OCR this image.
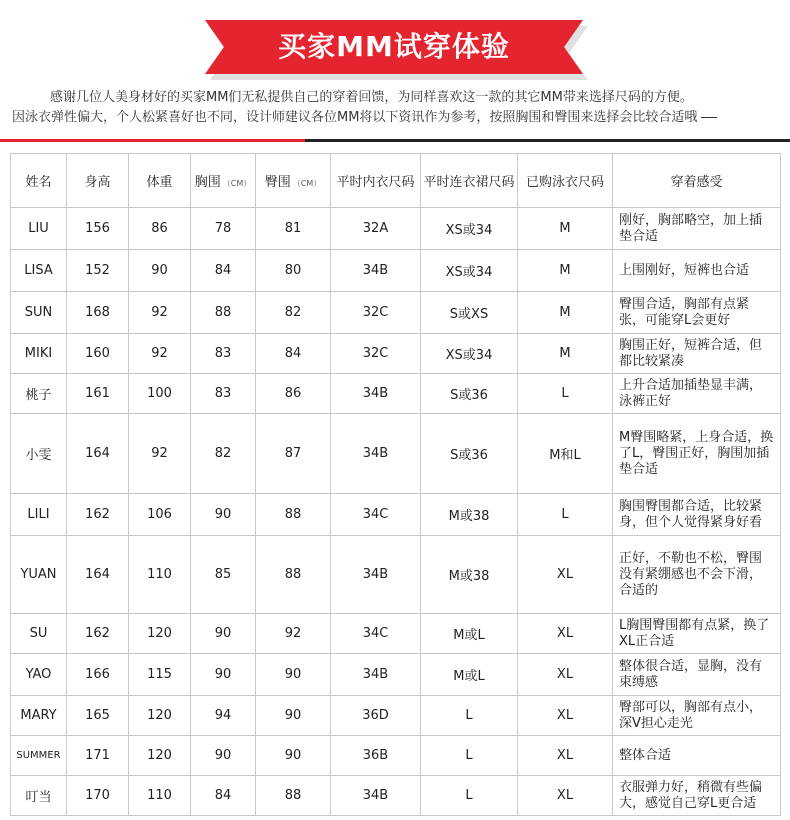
买家MM试穿体验

感谢几位人美身材好的买家MM们无私提供自己的穿着回馈，为同样喜欢这一款的其它MM带来选择尺码的方便。

因泳衣弹性偏大，个人松紧喜好也不同，设计师建议各位MM将以下资讯作为参考，按照胸围和臀围来选择会比较合适哦

姓名	身高	体重	胸围 （CM）	臀围 （CM）	平时内衣尺码	平时连衣裙尺码	已购泳衣尺码	穿着感受
LIU	156	86	78	81	32A	XS或34	M	刚好，胸部略空，加上插垫合适
LISA	152	90	84	80	34B	XS或34	M	上围刚好，短裤也合适
SUN	168	92	88	82	32C	S或XS	M	臀围合适，胸部有点紧张，可能穿L会更好
MIKI	160	92	83	84	32C	XS或34	M	胸围正好，短裤合适，但都比较紧凑
桃子	161	100	83	86	34B	S或36	L	上升合适加插垫显丰满，泳裤正好
小雯	164	92	82	87	34B	S或36	M和L	M臀围略紧，上身合适，换了L，臀围正好，胸围加插垫合适
LILI	162	106	90	88	34C	M或38	L	胸围臀围都合适，比较紧身，但个人觉得紧身好看
YUAN	164	110	85	88	34B	M或38	XL	正好，不勒也不松，臀围没有紧绷感也不会下滑，合适的
SU	162	120	90	92	34C	M或L	XL	L胸围臀围都有点紧，换了XL正合适
YAO	166	115	90	90	34B	M或L	XL	整体很合适，显胸，没有束缚感
MARY	165	120	94	90	36D	L	XL	臀部可以，胸部有点小，深V担心走光
SUMMER	171	120	90	90	36B	L	XL	整体合适
叮当	170	110	84	88	34B	L	XL	衣服弹力好，稍微有些偏大，感觉自己穿L更合适
